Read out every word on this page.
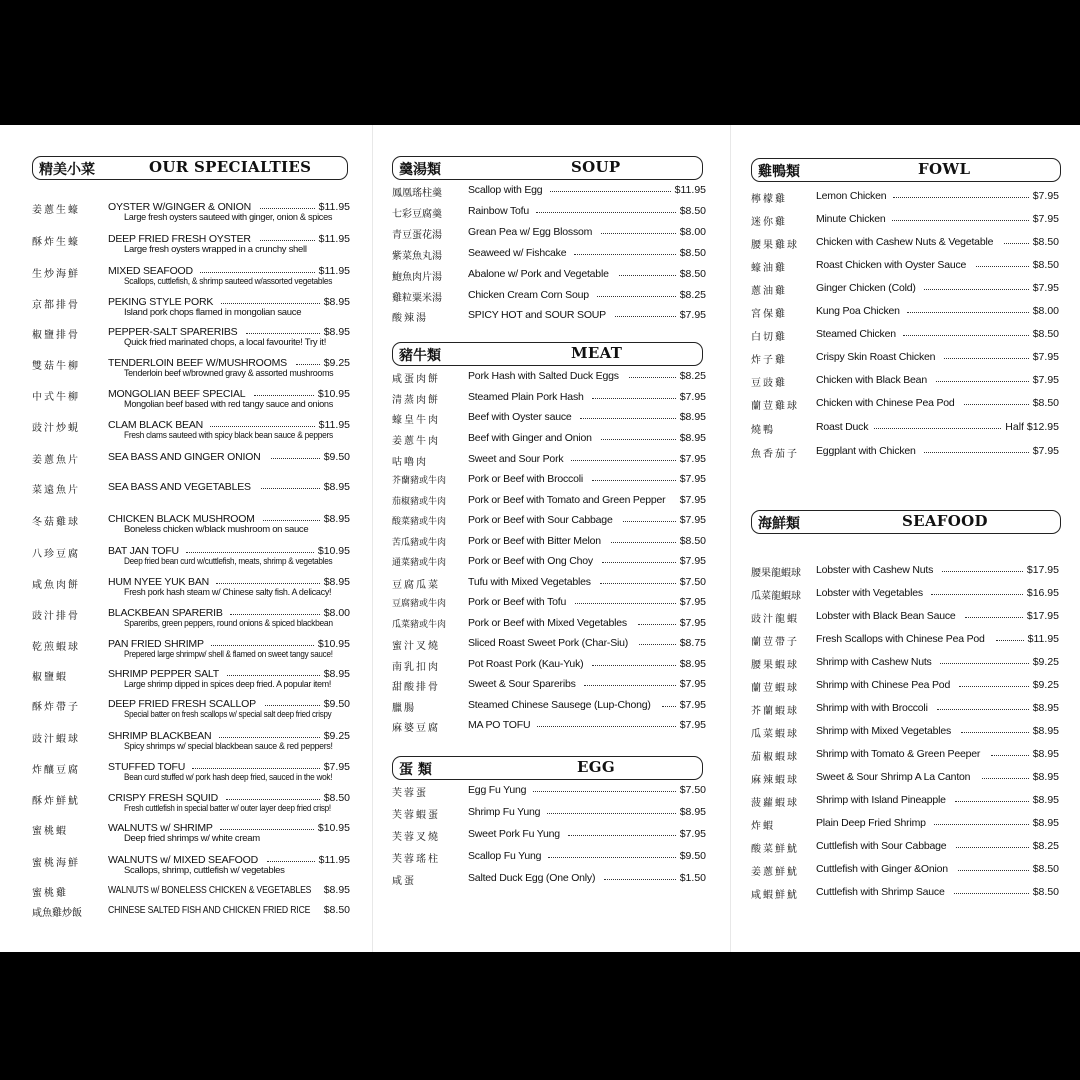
精美小菜	OUR SPECIALTIES
姜蔥生蠔	OYSTER W/GINGER & ONION	$11.95
Large fresh oysters sauteed with ginger, onion & spices
酥炸生蠔	DEEP FRIED FRESH OYSTER	$11.95
Large fresh oysters wrapped in a crunchy shell
生炒海鮮	MIXED SEAFOOD	$11.95
Scallops, cuttlefish, & shrimp sauteed w/assorted vegetables
京都排骨	PEKING STYLE PORK	$8.95
Island pork chops flamed in mongolian sauce
椒鹽排骨	PEPPER-SALT SPARERIBS	$8.95
Quick fried marinated chops, a local favourite! Try it!
雙菇牛柳	TENDERLOIN BEEF W/MUSHROOMS	$9.25
Tenderloin beef w/browned gravy & assorted mushrooms
中式牛柳	MONGOLIAN BEEF SPECIAL	$10.95
Mongolian beef based with red tangy sauce and onions
豉汁炒蜆	CLAM BLACK BEAN	$11.95
Fresh clams sauteed with spicy black bean sauce & peppers
姜蔥魚片	SEA BASS AND GINGER ONION	$9.50
菜遠魚片	SEA BASS AND VEGETABLES	$8.95
冬菇雞球	CHICKEN BLACK MUSHROOM	$8.95
Boneless chicken w/black mushroom on sauce
八珍豆腐	BAT JAN TOFU	$10.95
Deep fried bean curd w/cuttlefish, meats, shrimp & vegetables
咸魚肉餅	HUM NYEE YUK BAN	$8.95
Fresh pork hash steam w/ Chinese salty fish. A delicacy!
豉汁排骨	BLACKBEAN SPARERIB	$8.00
Spareribs, green peppers, round onions & spiced blackbean
乾煎蝦球	PAN FRIED SHRIMP	$10.95
Prepered large shrimpw/ shell & flamed on sweet tangy sauce!
椒鹽蝦	SHRIMP PEPPER SALT	$8.95
Large shrimp dipped in spices deep fried. A popular item!
酥炸帶子	DEEP FRIED FRESH SCALLOP	$9.50
Special batter on fresh scallops w/ special salt deep fried crispy
豉汁蝦球	SHRIMP BLACKBEAN	$9.25
Spicy shrimps w/ special blackbean sauce & red peppers!
炸釀豆腐	STUFFED TOFU	$7.95
Bean curd stuffed w/ pork hash deep fried, sauced in the wok!
酥炸鮮魷	CRISPY FRESH SQUID	$8.50
Fresh cuttlefish in special batter w/ outer layer deep fried crisp!
蜜桃蝦	WALNUTS w/ SHRIMP	$10.95
Deep fried shrimps w/ white cream
蜜桃海鮮	WALNUTS w/ MIXED SEAFOOD	$11.95
Scallops, shrimp, cuttlefish w/ vegetables
蜜桃雞	WALNUTS w/ BONELESS CHICKEN & VEGETABLES $8.95
咸魚雞炒飯 CHINESE SALTED FISH AND CHICKEN FRIED RICE $8.50
羹湯類	SOUP
鳳凰瑤柱羹 Scallop with Egg	$11.95
七彩豆腐羹 Rainbow Tofu	$8.50
青豆蛋花湯 Grean Pea w/ Egg Blossom	$8.00
紫菜魚丸湯 Seaweed w/ Fishcake	$8.50
鮑魚肉片湯 Abalone w/ Pork and Vegetable	$8.50
雞粒粟米湯 Chicken Cream Corn Soup	$8.25
酸辣湯	SPICY HOT and SOUR SOUP	$7.95
豬牛類	MEAT
咸蛋肉餅	Pork Hash with Salted Duck Eggs	$8.25
清蒸肉餅	Steamed Plain Pork Hash	$7.95
蠔皇牛肉	Beef with Oyster sauce	$8.95
姜蔥牛肉	Beef with Ginger and Onion	$8.95
咕嚕肉	Sweet and Sour Pork	$7.95
芥蘭豬或牛肉 Pork or Beef with Broccoli	$7.95
茄椒豬或牛肉 Pork or Beef with Tomato and Green Pepper $7.95
酸菜豬或牛肉 Pork or Beef with Sour Cabbage	$7.95
苦瓜豬或牛肉 Pork or Beef with Bitter Melon	$8.50
通菜豬或牛肉 Pork or Beef with Ong Choy	$7.95
豆腐瓜菜	Tufu with Mixed Vegetables	$7.50
豆腐豬或牛肉 Pork or Beef with Tofu	$7.95
瓜菜豬或牛肉 Pork or Beef with Mixed Vegetables	$7.95
蜜汁叉燒	Sliced Roast Sweet Pork (Char-Siu)	$8.75
南乳扣肉	Pot Roast Pork (Kau-Yuk)	$8.95
甜酸排骨	Sweet & Sour Spareribs	$7.95
臘腸	Steamed Chinese Sausege (Lup-Chong)	$7.95
麻婆豆腐	MA PO TOFU	$7.95
蛋 類	EGG
芙蓉蛋	Egg Fu Yung	$7.50
芙蓉蝦蛋	Shrimp Fu Yung	$8.95
芙蓉叉燒	Sweet Pork Fu Yung	$7.95
芙蓉瑤柱	Scallop Fu Yung	$9.50
咸蛋	Salted Duck Egg (One Only)	$1.50
雞鴨類	FOWL
檸檬雞	Lemon Chicken	$7.95
迷你雞	Minute Chicken	$7.95
腰果雞球 Chicken with Cashew Nuts & Vegetable	$8.50
蠔油雞	Roast Chicken with Oyster Sauce	$8.50
蔥油雞	Ginger Chicken (Cold)	$7.95
宮保雞	Kung Poa Chicken	$8.00
白切雞	Steamed Chicken	$8.50
炸子雞	Crispy Skin Roast Chicken	$7.95
豆豉雞	Chicken with Black Bean	$7.95
蘭荳雞球 Chicken with Chinese Pea Pod	$8.50
燒鴨	Roast Duck	Half $12.95
魚香茄子 Eggplant with Chicken	$7.95
海鮮類	SEAFOOD
腰果龍蝦球 Lobster with Cashew Nuts	$17.95
瓜菜龍蝦球 Lobster with Vegetables	$16.95
豉汁龍蝦 Lobster with Black Bean Sauce	$17.95
蘭荳帶子 Fresh Scallops with Chinese Pea Pod	$11.95
腰果蝦球 Shrimp with Cashew Nuts	$9.25
蘭荳蝦球 Shrimp with Chinese Pea Pod	$9.25
芥蘭蝦球 Shrimp with with Broccoli	$8.95
瓜菜蝦球 Shrimp with Mixed Vegetables	$8.95
茄椒蝦球 Shrimp with Tomato & Green Peeper	$8.95
麻辣蝦球 Sweet & Sour Shrimp A La Canton	$8.95
菠蘿蝦球 Shrimp with Island Pineapple	$8.95
炸蝦	Plain Deep Fried Shrimp	$8.95
酸菜鮮魷 Cuttlefish with Sour Cabbage	$8.25
姜蔥鮮魷 Cuttlefish with Ginger &Onion	$8.50
咸蝦鮮魷 Cuttlefish with Shrimp Sauce	$8.50
